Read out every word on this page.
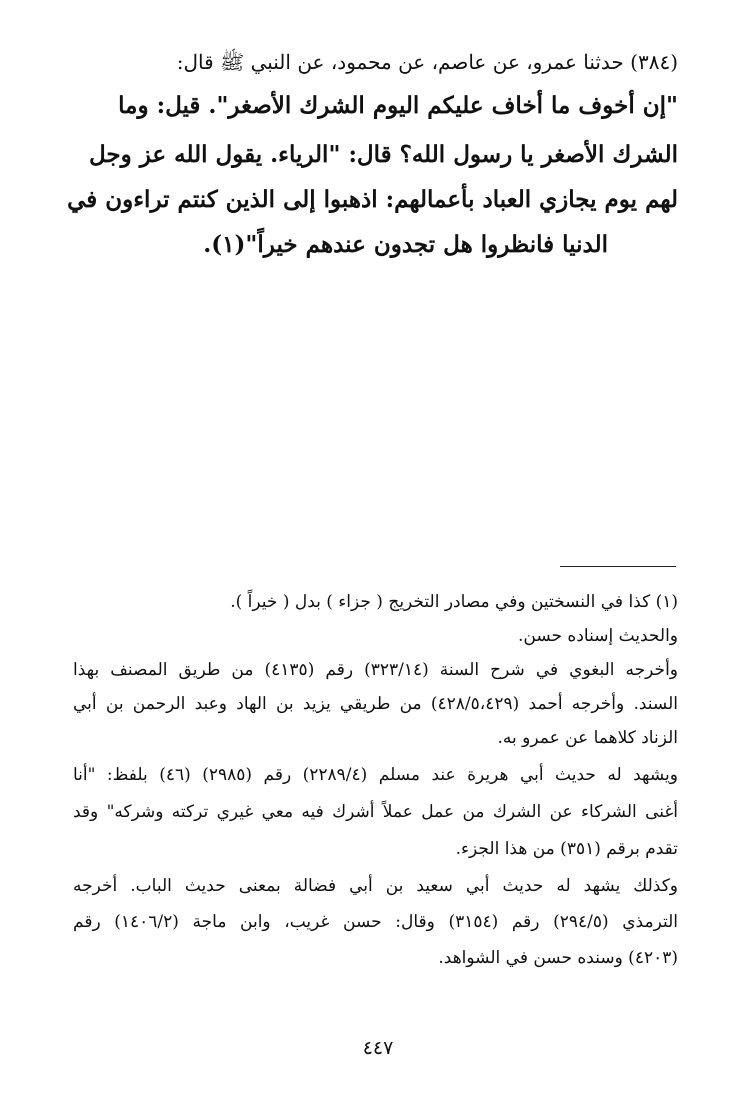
(٣٨٤) حدثنا عمرو، عن عاصم، عن محمود، عن النبي ﷺ قال:
"إن أخوف ما أخاف عليكم اليوم الشرك الأصغر". قيل: وما
الشرك الأصغر يا رسول الله؟ قال: "الرياء. يقول الله عز وجل
لهم يوم يجازي العباد بأعمالهم: اذهبوا إلى الذين كنتم تراءون في
الدنيا فانظروا هل تجدون عندهم خيراً"(١).
(١) كذا في النسختين وفي مصادر التخريج ( جزاء ) بدل ( خيراً ).
والحديث إسناده حسن.
وأخرجه البغوي في شرح السنة (٣٢٣/١٤) رقم (٤١٣٥) من طريق المصنف بهذا
السند. وأخرجه أحمد (٤٢٨/٥،٤٢٩) من طريقي يزيد بن الهاد وعبد الرحمن بن أبي
الزناد كلاهما عن عمرو به.
ويشهد له حديث أبي هريرة عند مسلم (٢٢٨٩/٤) رقم (٢٩٨٥) (٤٦) بلفظ: "أنا
أغنى الشركاء عن الشرك من عمل عملاً أشرك فيه معي غيري تركته وشركه" وقد
تقدم برقم (٣٥١) من هذا الجزء.
وكذلك يشهد له حديث أبي سعيد بن أبي فضالة بمعنى حديث الباب. أخرجه
الترمذي (٢٩٤/٥) رقم (٣١٥٤) وقال: حسن غريب، وابن ماجة (١٤٠٦/٢) رقم
(٤٢٠٣) وسنده حسن في الشواهد.
٤٤٧
